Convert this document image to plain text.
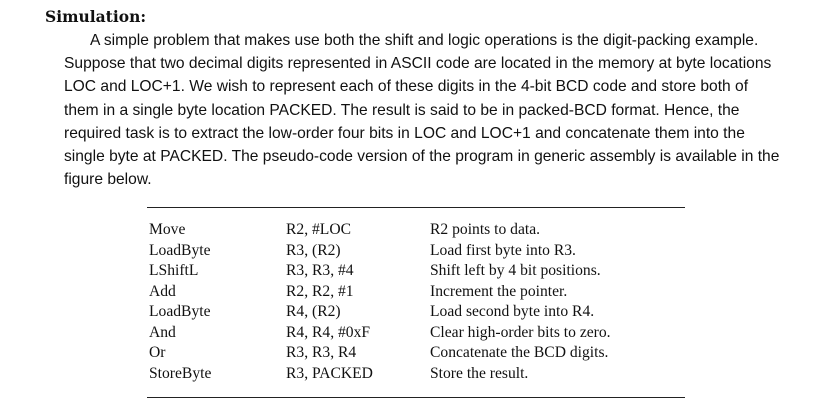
Simulation:

A simple problem that makes use both the shift and logic operations is the digit-packing example. Suppose that two decimal digits represented in ASCII code are located in the memory at byte locations LOC and LOC+1. We wish to represent each of these digits in the 4-bit BCD code and store both of them in a single byte location PACKED. The result is said to be in packed-BCD format. Hence, the required task is to extract the low-order four bits in LOC and LOC+1 and concatenate them into the single byte at PACKED. The pseudo-code version of the program in generic assembly is available in the figure below.

Move	R2, #LOC	R2 points to data.
LoadByte	R3, (R2)	Load first byte into R3.
LShiftL	R3, R3, #4	Shift left by 4 bit positions.
Add	R2, R2, #1	Increment the pointer.
LoadByte	R4, (R2)	Load second byte into R4.
And	R4, R4, #0xF	Clear high-order bits to zero.
Or	R3, R3, R4	Concatenate the BCD digits.
StoreByte	R3, PACKED	Store the result.
